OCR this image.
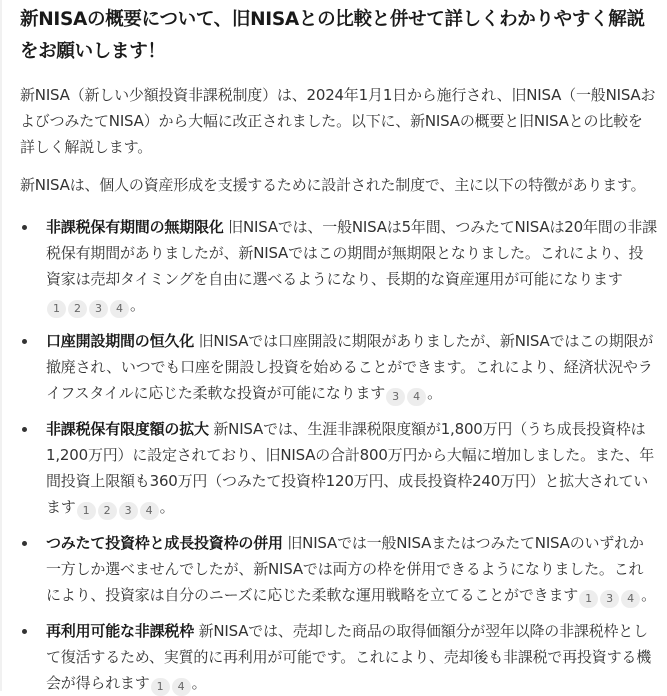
新NISAの概要について、旧NISAとの比較と併せて詳しくわかりやすく解説をお願いします！

新NISA（新しい少額投資非課税制度）は、2024年1月1日から施行され、旧NISA（一般NISAおよびつみたてNISA）から大幅に改正されました。以下に、新NISAの概要と旧NISAとの比較を詳しく解説します。

新NISAは、個人の資産形成を支援するために設計された制度で、主に以下の特徴があります。

非課税保有期間の無期限化 旧NISAでは、一般NISAは5年間、つみたてNISAは20年間の非課税保有期間がありましたが、新NISAではこの期間が無期限となりました。これにより、投資家は売却タイミングを自由に選べるようになり、長期的な資産運用が可能になります1 2 3 4 。
口座開設期間の恒久化 旧NISAでは口座開設に期限がありましたが、新NISAではこの期限が撤廃され、いつでも口座を開設し投資を始めることができます。これにより、経済状況やライフスタイルに応じた柔軟な投資が可能になります 3 4 。
非課税保有限度額の拡大 新NISAでは、生涯非課税限度額が1,800万円（うち成長投資枠は1,200万円）に設定されており、旧NISAの合計800万円から大幅に増加しました。また、年間投資上限額も360万円（つみたて投資枠120万円、成長投資枠240万円）と拡大されています 1 2 3 4 。
つみたて投資枠と成長投資枠の併用 旧NISAでは一般NISAまたはつみたてNISAのいずれか一方しか選べませんでしたが、新NISAでは両方の枠を併用できるようになりました。これにより、投資家は自分のニーズに応じた柔軟な運用戦略を立てることができます 1 3 4 。
再利用可能な非課税枠 新NISAでは、売却した商品の取得価額分が翌年以降の非課税枠として復活するため、実質的に再利用が可能です。これにより、売却後も非課税で再投資する機会が得られます 1 4 。
